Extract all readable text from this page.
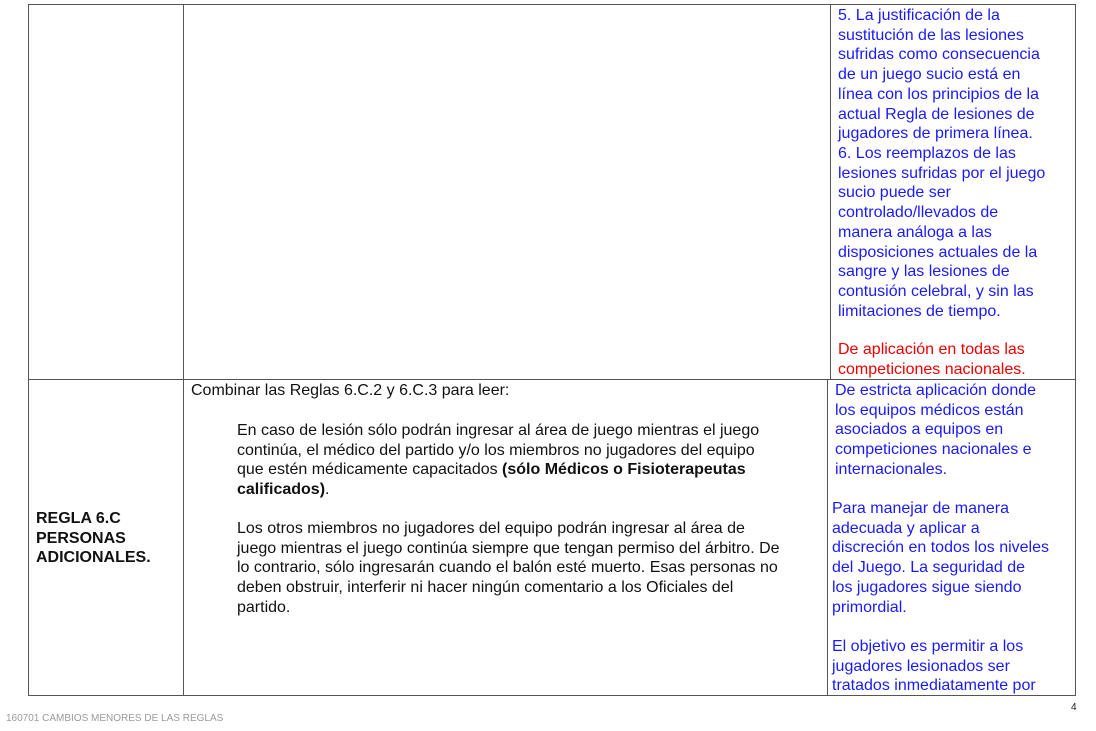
5. La justificación de la
sustitución de las lesiones
sufridas como consecuencia
de un juego sucio está en
línea con los principios de la
actual Regla de lesiones de
jugadores de primera línea.

6. Los reemplazos de las
lesiones sufridas por el juego
sucio puede ser
controlado/llevados de
manera análoga a las
disposiciones actuales de la
sangre y las lesiones de
contusión celebral, y sin las
limitaciones de tiempo.

De aplicación en todas las
competiciones nacionales.

REGLA 6.C
PERSONAS
ADICIONALES.

Combinar las Reglas 6.C.2 y 6.C.3 para leer:

En caso de lesión sólo podrán ingresar al área de juego mientras el juego
continúa, el médico del partido y/o los miembros no jugadores del equipo
que estén médicamente capacitados (sólo Médicos o Fisioterapeutas
calificados).

Los otros miembros no jugadores del equipo podrán ingresar al área de
juego mientras el juego continúa siempre que tengan permiso del árbitro. De
lo contrario, sólo ingresarán cuando el balón esté muerto. Esas personas no
deben obstruir, interferir ni hacer ningún comentario a los Oficiales del
partido.

De estricta aplicación donde
los equipos médicos están
asociados a equipos en
competiciones nacionales e
internacionales.

Para manejar de manera
adecuada y aplicar a
discreción en todos los niveles
del Juego. La seguridad de
los jugadores sigue siendo
primordial.

El objetivo es permitir a los
jugadores lesionados ser
tratados inmediatamente por

160701 CAMBIOS MENORES DE LAS REGLAS
4
